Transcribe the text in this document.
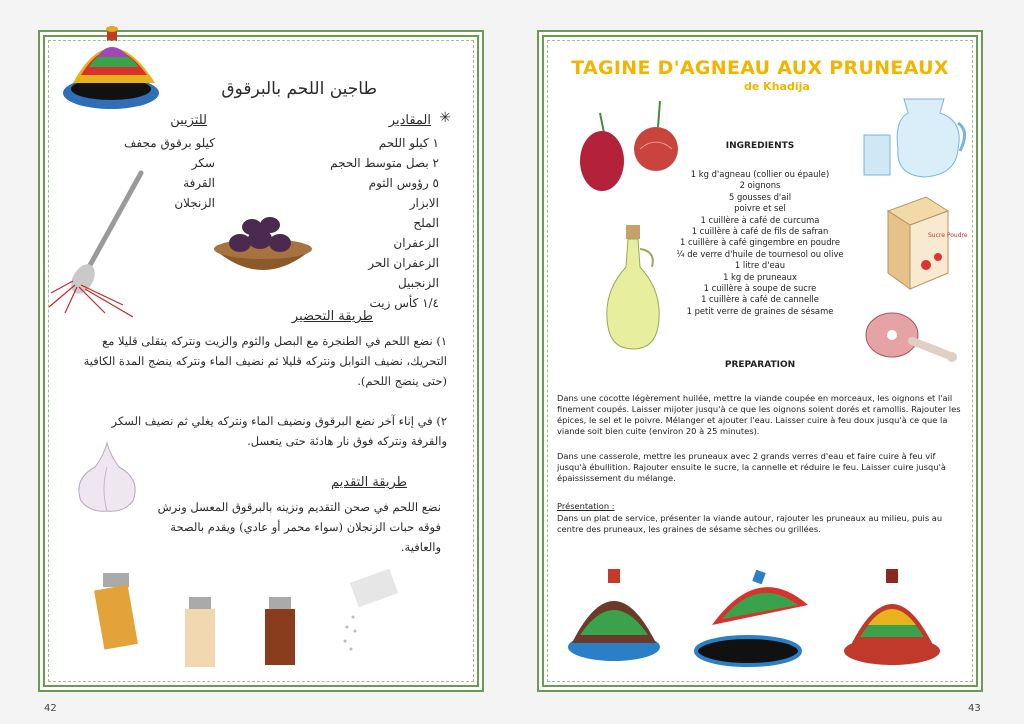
طاجين اللحم بالبرقوق
المقادير ✳
١ كيلو اللحم
٢ بصل متوسط الحجم
٥ رؤوس الثوم
الابزار
الملح
الزعفران
الزعفران الحر
الزنجبيل
١/٤ كأس زيت
للتزيين
كيلو برقوق مجفف
سكر
القرفة
الزنجلان
طريقة التحضير

١) نضع اللحم في الطنجرة مع البصل والثوم والزيت ونتركه يتقلى قليلا مع التحريك، نضيف التوابل ونتركه قليلا ثم نضيف الماء ونتركه ينضج المدة الكافية (حتى ينضج اللحم).

٢) في إناء آخر نضع البرقوق ونضيف الماء ونتركه يغلي ثم نضيف السكر والقرفة ونتركه فوق نار هادئة حتى يتعسل.

طريقة التقديم

نضع اللحم في صحن التقديم ونزينه بالبرقوق المعسل ونرش فوقه حبات الزنجلان (سواء محمر أو عادي) ويقدم بالصحة والعافية.

42
TAGINE D'AGNEAU AUX PRUNEAUX
de Khadija
INGREDIENTS
1 kg d'agneau (collier ou épaule)
2 oignons
5 gousses d'ail
poivre et sel
1 cuillère à café de curcuma
1 cuillère à café de fils de safran
1 cuillère à café gingembre en poudre
¼ de verre d'huile de tournesol ou olive
1 litre d'eau
1 kg de pruneaux
1 cuillère à soupe de sucre
1 cuillère à café de cannelle
1 petit verre de graines de sésame
Sucre Poudre
PREPARATION

Dans une cocotte légèrement huilée, mettre la viande coupée en morceaux, les oignons et l'ail finement coupés. Laisser mijoter jusqu'à ce que les oignons soient dorés et ramollis. Rajouter les épices, le sel et le poivre. Mélanger et ajouter l'eau. Laisser cuire à feu doux jusqu'à ce que la viande soit bien cuite (environ 20 à 25 minutes).

Dans une casserole, mettre les pruneaux avec 2 grands verres d'eau et faire cuire à feu vif jusqu'à ébullition. Rajouter ensuite le sucre, la cannelle et réduire le feu. Laisser cuire jusqu'à épaississement du mélange.

Présentation :

Dans un plat de service, présenter la viande autour, rajouter les pruneaux au milieu, puis au centre des pruneaux, les graines de sésame sèches ou grillées.

43
